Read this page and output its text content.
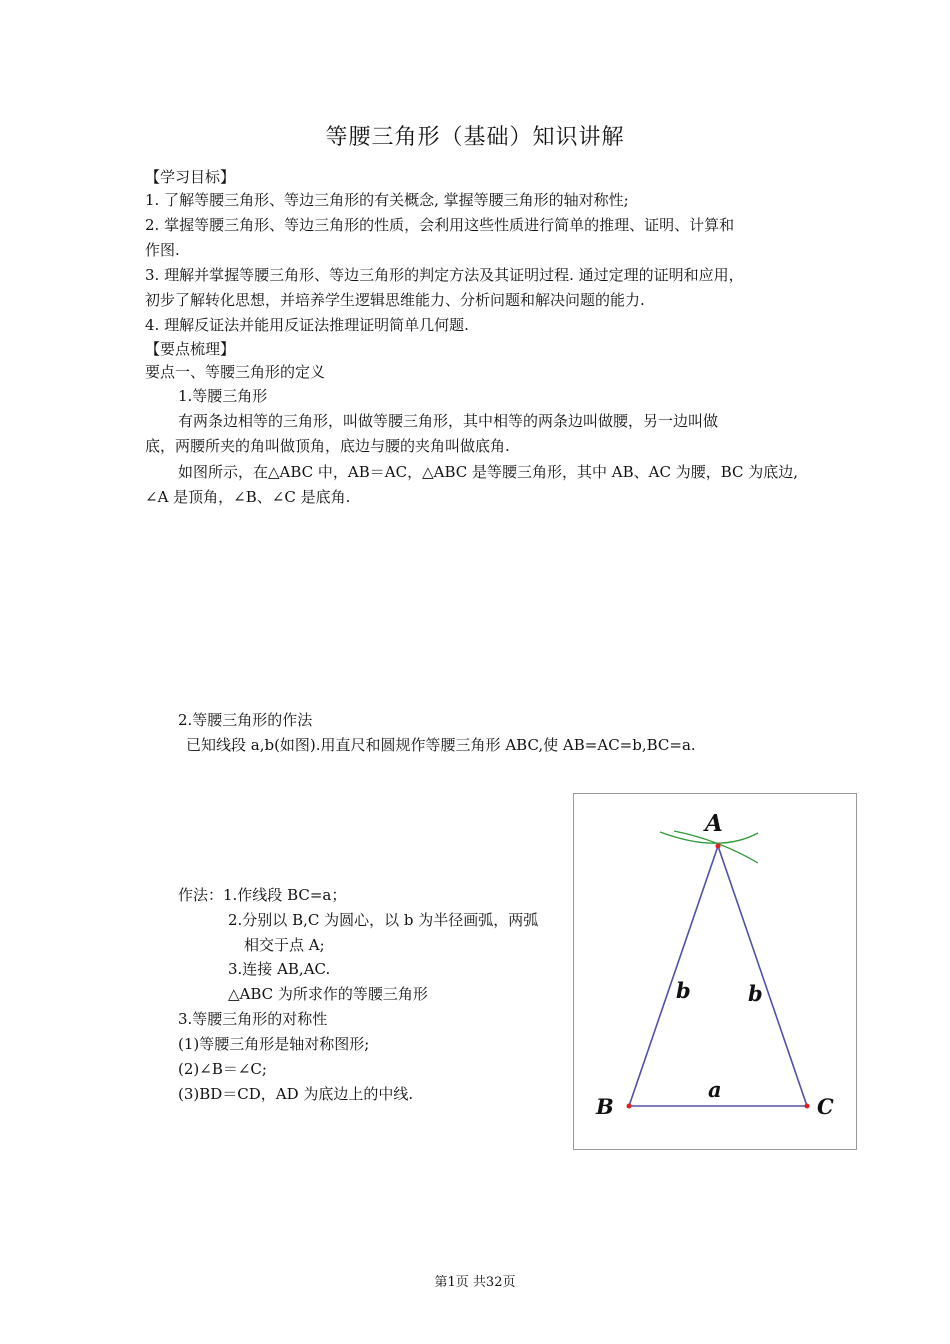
等腰三角形（基础）知识讲解
【学习目标】
1. 了解等腰三角形、等边三角形的有关概念, 掌握等腰三角形的轴对称性;
2. 掌握等腰三角形、等边三角形的性质，会利用这些性质进行简单的推理、证明、计算和
作图.
3. 理解并掌握等腰三角形、等边三角形的判定方法及其证明过程. 通过定理的证明和应用，
初步了解转化思想，并培养学生逻辑思维能力、分析问题和解决问题的能力.
4. 理解反证法并能用反证法推理证明简单几何题.
【要点梳理】
要点一、等腰三角形的定义
1.等腰三角形
有两条边相等的三角形，叫做等腰三角形，其中相等的两条边叫做腰，另一边叫做
底，两腰所夹的角叫做顶角，底边与腰的夹角叫做底角.
如图所示，在△ABC 中，AB＝AC，△ABC 是等腰三角形，其中 AB、AC 为腰，BC 为底边,
∠A 是顶角，∠B、∠C 是底角.
2.等腰三角形的作法
已知线段 a,b(如图).用直尺和圆规作等腰三角形 ABC,使 AB=AC=b,BC=a.
作法：1.作线段 BC=a；
2.分别以 B,C 为圆心，以 b 为半径画弧，两弧
相交于点 A;
3.连接 AB,AC.
△ABC 为所求作的等腰三角形
3.等腰三角形的对称性
(1)等腰三角形是轴对称图形;
(2)∠B＝∠C;
(3)BD＝CD，AD 为底边上的中线.
A
B	C
a
b	b
第1页 共32页
